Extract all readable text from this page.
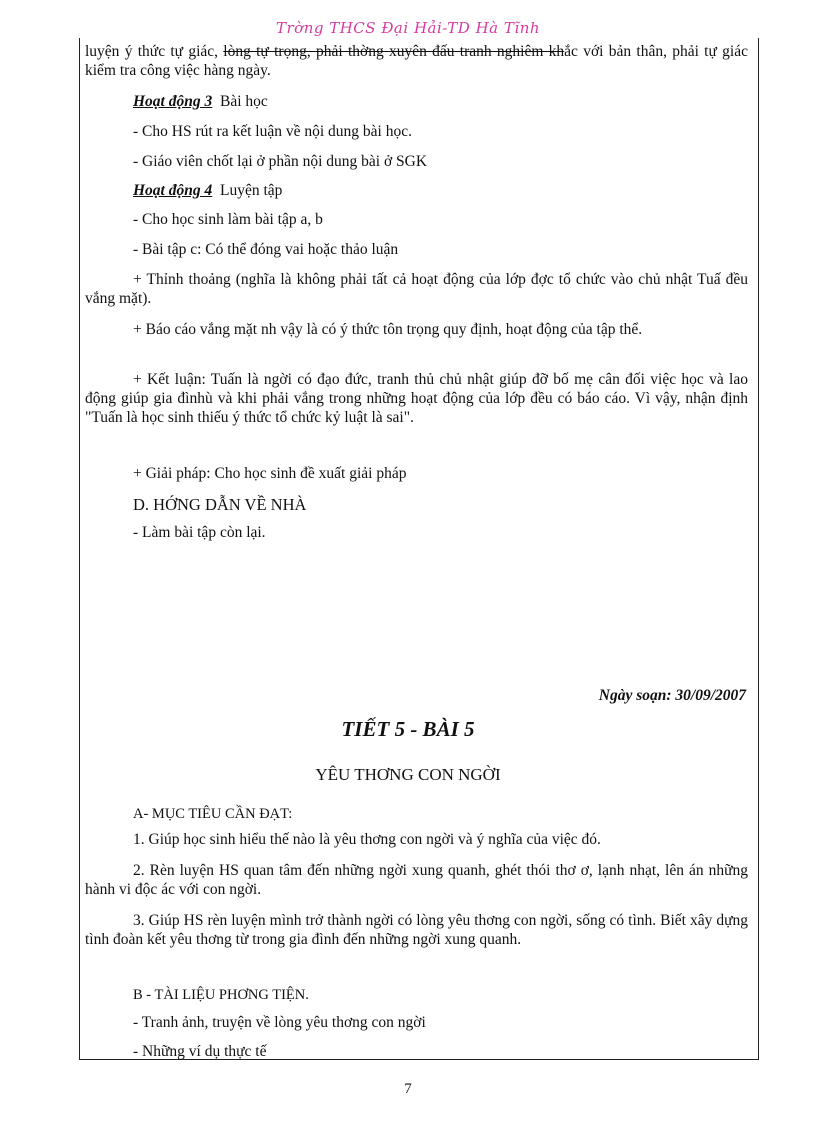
Trờng THCS Đại Hải-TD Hà Tĩnh
luyện ý thức tự giác, lòng tự trọng, phải thờng xuyên đấu tranh nghiêm khắc với bản thân, phải tự giác kiểm tra công việc hàng ngày.
Hoạt động 3 Bài học
- Cho HS rút ra kết luận về nội dung bài học.
- Giáo viên chốt lại ở phần nội dung bài ở SGK
Hoạt động 4 Luyện tập
- Cho học sinh làm bài tập a, b
- Bài tập c: Có thể đóng vai hoặc thảo luận
+ Thỉnh thoảng (nghĩa là không phải tất cả hoạt động của lớp đợc tổ chức vào chủ nhật Tuấ đều vắng mặt).
+ Báo cáo vắng mặt nh vậy là có ý thức tôn trọng quy định, hoạt động của tập thể.
+ Kết luận: Tuấn là ngời có đạo đức, tranh thủ chủ nhật giúp đỡ bố mẹ cân đối việc học và lao động giúp gia đìnhù và khi phải vắng trong những hoạt động của lớp đều có báo cáo. Vì vậy, nhận định "Tuấn là học sinh thiếu ý thức tổ chức kỷ luật là sai".
+ Giải pháp: Cho học sinh đề xuất giải pháp
D. HỚNG DẪN VỀ NHÀ
- Làm bài tập còn lại.
Ngày soạn: 30/09/2007
TIẾT 5 - BÀI 5
YÊU THƠNG CON NGỜI
A- MỤC TIÊU CẦN ĐẠT:
1. Giúp học sinh hiểu thế nào là yêu thơng con ngời và ý nghĩa của việc đó.
2. Rèn luyện HS quan tâm đến những ngời xung quanh, ghét thói thơ ơ, lạnh nhạt, lên án những hành vi độc ác với con ngời.
3. Giúp HS rèn luyện mình trở thành ngời có lòng yêu thơng con ngời, sống có tình. Biết xây dựng tình đoàn kết yêu thơng từ trong gia đình đến những ngời xung quanh.
B - TÀI LIỆU PHƠNG TIỆN.
- Tranh ảnh, truyện về lòng yêu thơng con ngời
- Những ví dụ thực tế
7
